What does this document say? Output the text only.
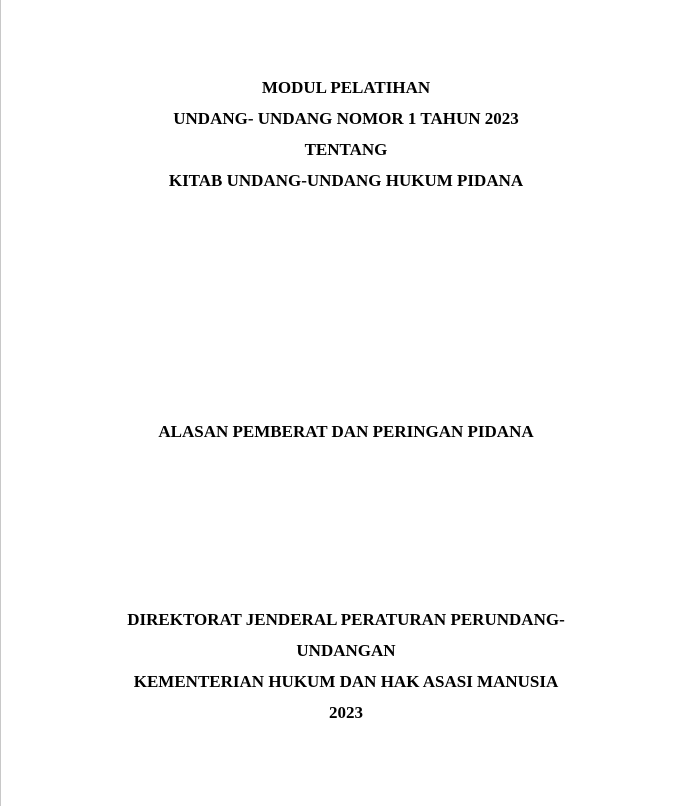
MODUL PELATIHAN
UNDANG- UNDANG NOMOR 1 TAHUN 2023
TENTANG
KITAB UNDANG-UNDANG HUKUM PIDANA
ALASAN PEMBERAT DAN PERINGAN PIDANA
DIREKTORAT JENDERAL PERATURAN PERUNDANG-
UNDANGAN
KEMENTERIAN HUKUM DAN HAK ASASI MANUSIA
2023
